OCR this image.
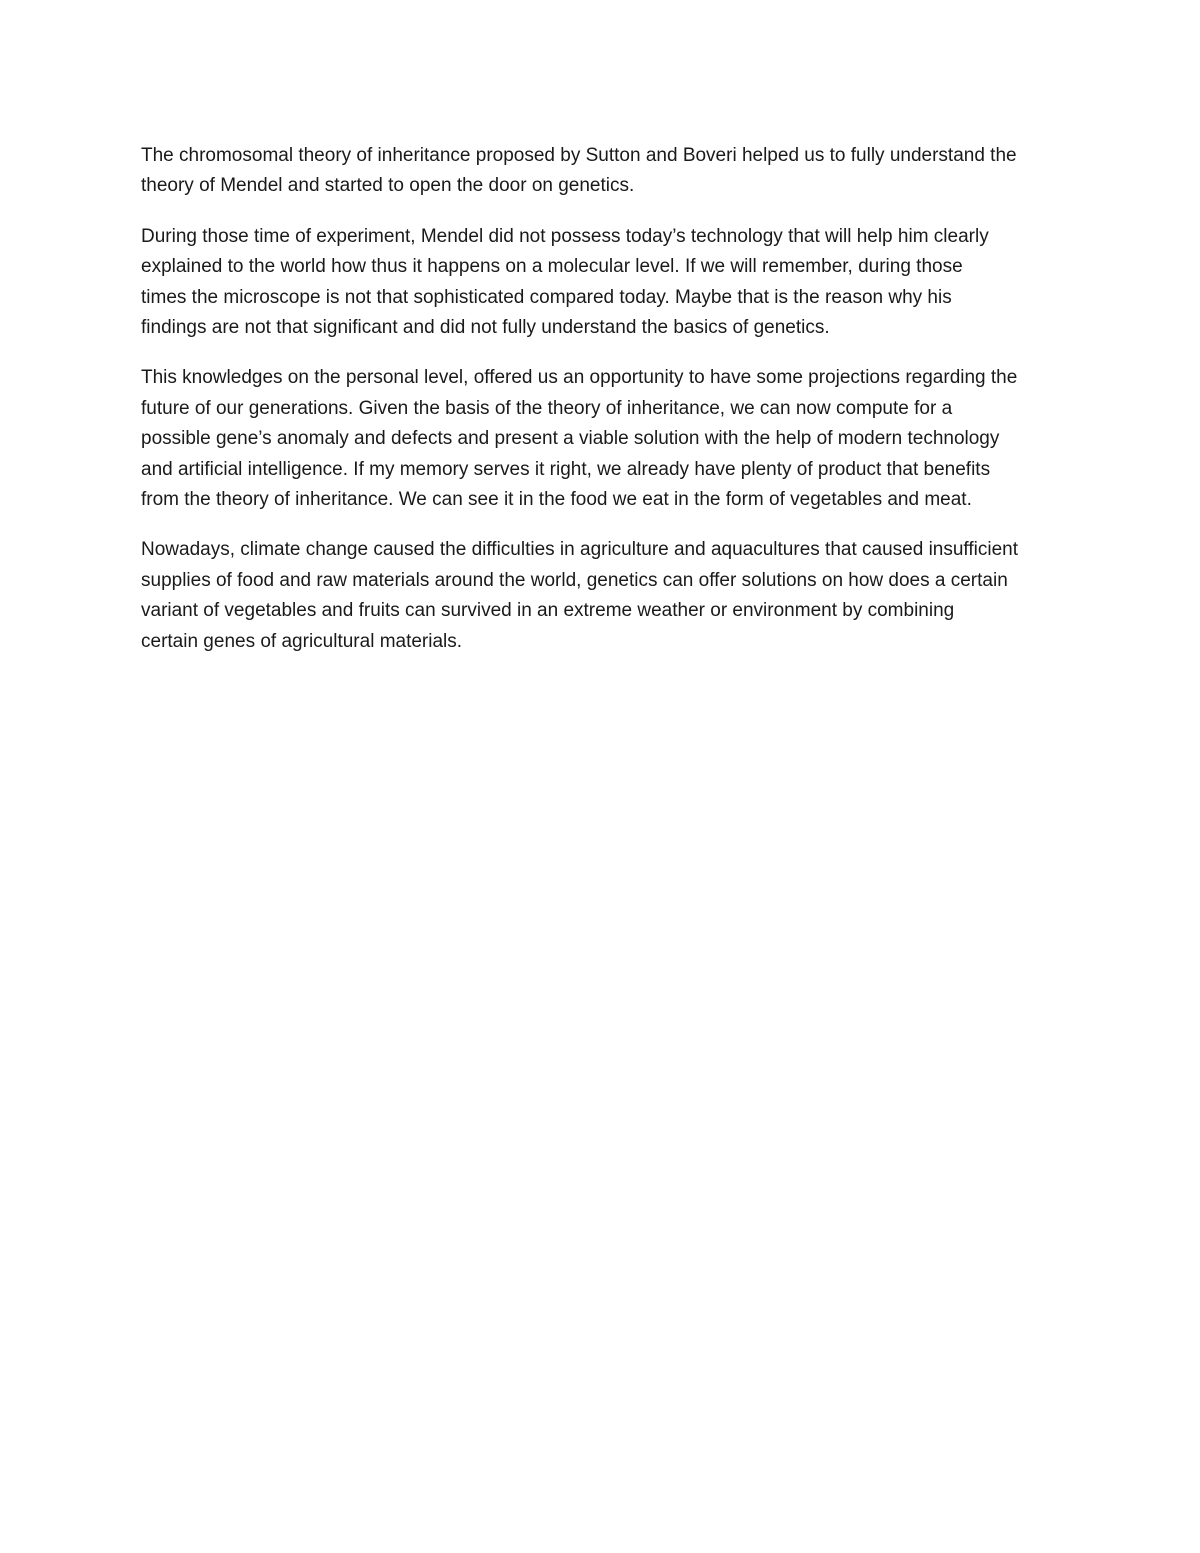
The chromosomal theory of inheritance proposed by Sutton and Boveri helped us to fully understand the
theory of Mendel and started to open the door on genetics.

During those time of experiment, Mendel did not possess today’s technology that will help him clearly
explained to the world how thus it happens on a molecular level. If we will remember, during those
times the microscope is not that sophisticated compared today. Maybe that is the reason why his
findings are not that significant and did not fully understand the basics of genetics.

This knowledges on the personal level, offered us an opportunity to have some projections regarding the
future of our generations. Given the basis of the theory of inheritance, we can now compute for a
possible gene’s anomaly and defects and present a viable solution with the help of modern technology
and artificial intelligence. If my memory serves it right, we already have plenty of product that benefits
from the theory of inheritance. We can see it in the food we eat in the form of vegetables and meat.

Nowadays, climate change caused the difficulties in agriculture and aquacultures that caused insufficient
supplies of food and raw materials around the world, genetics can offer solutions on how does a certain
variant of vegetables and fruits can survived in an extreme weather or environment by combining
certain genes of agricultural materials.
